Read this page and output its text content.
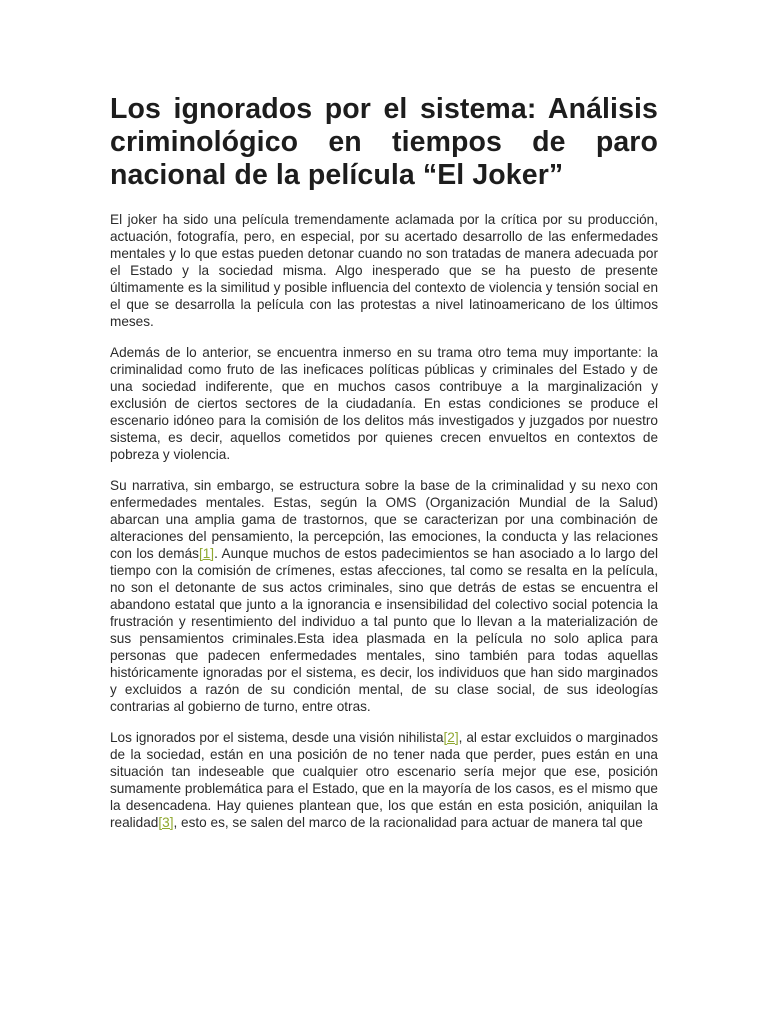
Los ignorados por el sistema: Análisis criminológico en tiempos de paro nacional de la película “El Joker”

El joker ha sido una película tremendamente aclamada por la crítica por su producción, actuación, fotografía, pero, en especial, por su acertado desarrollo de las enfermedades mentales y lo que estas pueden detonar cuando no son tratadas de manera adecuada por el Estado y la sociedad misma. Algo inesperado que se ha puesto de presente últimamente es la similitud y posible influencia del contexto de violencia y tensión social en el que se desarrolla la película con las protestas a nivel latinoamericano de los últimos meses.

Además de lo anterior, se encuentra inmerso en su trama otro tema muy importante: la criminalidad como fruto de las ineficaces políticas públicas y criminales del Estado y de una sociedad indiferente, que en muchos casos contribuye a la marginalización y exclusión de ciertos sectores de la ciudadanía. En estas condiciones se produce el escenario idóneo para la comisión de los delitos más investigados y juzgados por nuestro sistema, es decir, aquellos cometidos por quienes crecen envueltos en contextos de pobreza y violencia.

Su narrativa, sin embargo, se estructura sobre la base de la criminalidad y su nexo con enfermedades mentales. Estas, según la OMS (Organización Mundial de la Salud) abarcan una amplia gama de trastornos, que se caracterizan por una combinación de alteraciones del pensamiento, la percepción, las emociones, la conducta y las relaciones con los demás[1]. Aunque muchos de estos padecimientos se han asociado a lo largo del tiempo con la comisión de crímenes, estas afecciones, tal como se resalta en la película, no son el detonante de sus actos criminales, sino que detrás de estas se encuentra el abandono estatal que junto a la ignorancia e insensibilidad del colectivo social potencia la frustración y resentimiento del individuo a tal punto que lo llevan a la materialización de sus pensamientos criminales.Esta idea plasmada en la película no solo aplica para personas que padecen enfermedades mentales, sino también para todas aquellas históricamente ignoradas por el sistema, es decir, los individuos que han sido marginados y excluidos a razón de su condición mental, de su clase social, de sus ideologías contrarias al gobierno de turno, entre otras.

Los ignorados por el sistema, desde una visión nihilista[2], al estar excluidos o marginados de la sociedad, están en una posición de no tener nada que perder, pues están en una situación tan indeseable que cualquier otro escenario sería mejor que ese, posición sumamente problemática para el Estado, que en la mayoría de los casos, es el mismo que la desencadena. Hay quienes plantean que, los que están en esta posición, aniquilan la realidad[3], esto es, se salen del marco de la racionalidad para actuar de manera tal que
